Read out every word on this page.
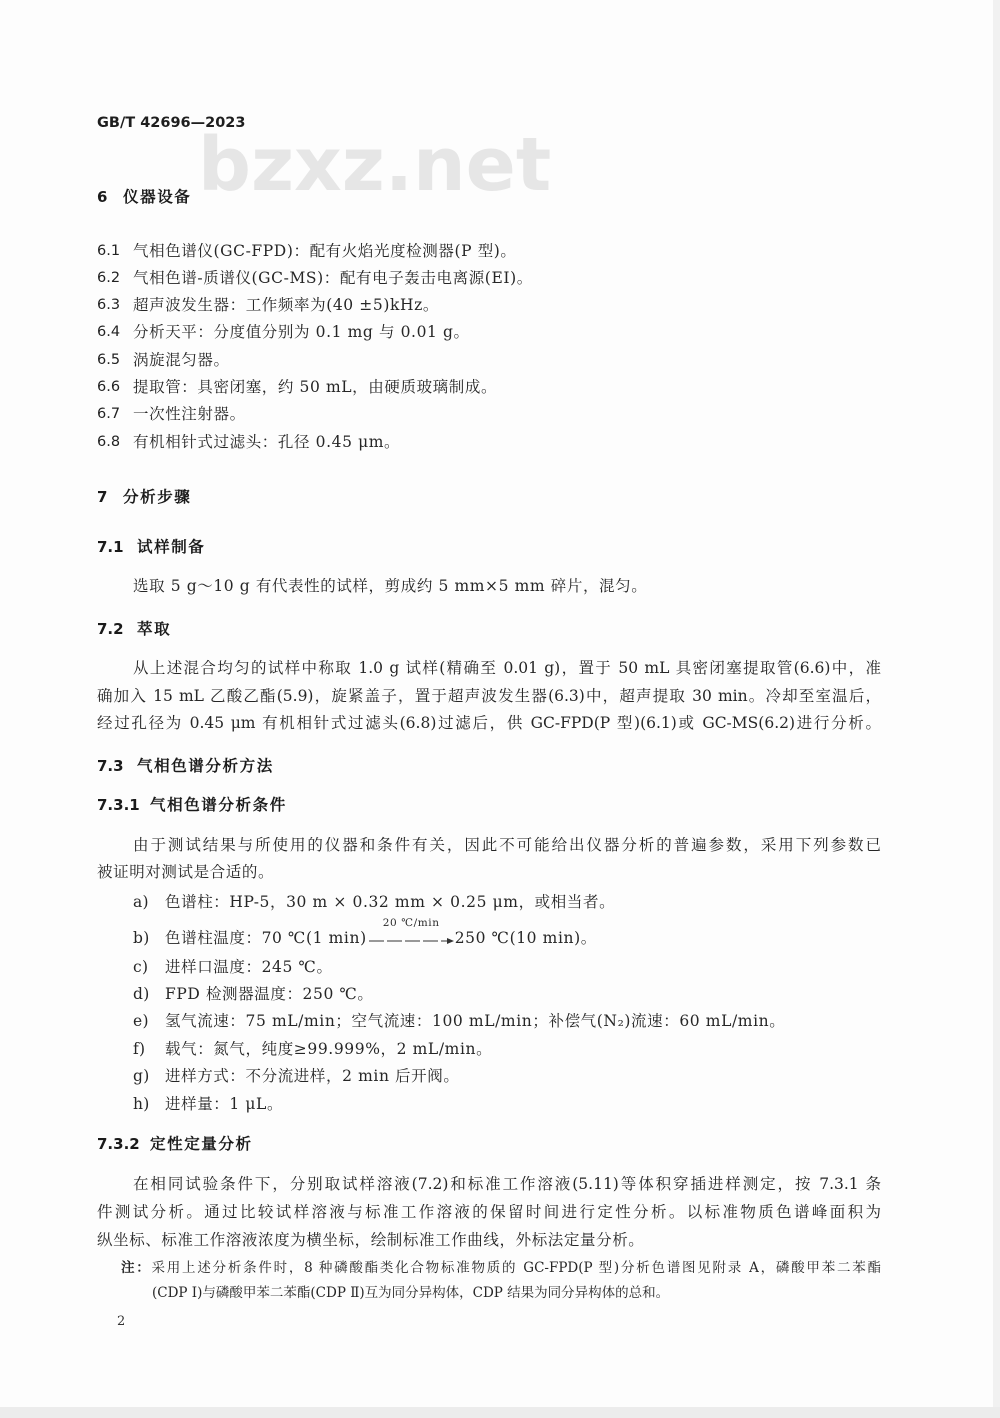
bzxz.net
GB/T 42696—2023
6 仪器设备
6.1 气相色谱仪(GC-FPD)：配有火焰光度检测器(P 型)。
6.2 气相色谱-质谱仪(GC-MS)：配有电子轰击电离源(EI)。
6.3 超声波发生器：工作频率为(40 ±5)kHz。
6.4 分析天平：分度值分别为 0.1 mg 与 0.01 g。
6.5 涡旋混匀器。
6.6 提取管：具密闭塞，约 50 mL，由硬质玻璃制成。
6.7 一次性注射器。
6.8 有机相针式过滤头：孔径 0.45 μm。
7 分析步骤
7.1 试样制备
选取 5 g～10 g 有代表性的试样，剪成约 5 mm×5 mm 碎片，混匀。
7.2 萃取
从上述混合均匀的试样中称取 1.0 g 试样(精确至 0.01 g)，置于 50 mL 具密闭塞提取管(6.6)中，准
确加入 15 mL 乙酸乙酯(5.9)，旋紧盖子，置于超声波发生器(6.3)中，超声提取 30 min。冷却至室温后，
经过孔径为 0.45 μm 有机相针式过滤头(6.8)过滤后，供 GC-FPD(P 型)(6.1)或 GC-MS(6.2)进行分析。
7.3 气相色谱分析方法
7.3.1 气相色谱分析条件
由于测试结果与所使用的仪器和条件有关，因此不可能给出仪器分析的普遍参数，采用下列参数已
被证明对测试是合适的。
a) 色谱柱：HP-5，30 m × 0.32 mm × 0.25 μm，或相当者。
b) 色谱柱温度：70 ℃(1 min)
20 ℃/min
250 ℃(10 min)。
c) 进样口温度：245 ℃。
d) FPD 检测器温度：250 ℃。
e) 氢气流速：75 mL/min；空气流速：100 mL/min；补偿气(N₂)流速：60 mL/min。
f) 载气：氮气，纯度≥99.999%，2 mL/min。
g) 进样方式：不分流进样，2 min 后开阀。
h) 进样量：1 μL。
7.3.2 定性定量分析
在相同试验条件下，分别取试样溶液(7.2)和标准工作溶液(5.11)等体积穿插进样测定，按 7.3.1 条
件测试分析。通过比较试样溶液与标准工作溶液的保留时间进行定性分析。以标准物质色谱峰面积为
纵坐标、标准工作溶液浓度为横坐标，绘制标准工作曲线，外标法定量分析。
注：采用上述分析条件时，8 种磷酸酯类化合物标准物质的 GC-FPD(P 型)分析色谱图见附录 A，磷酸甲苯二苯酯
(CDP Ⅰ)与磷酸甲苯二苯酯(CDP Ⅱ)互为同分异构体，CDP 结果为同分异构体的总和。
2
